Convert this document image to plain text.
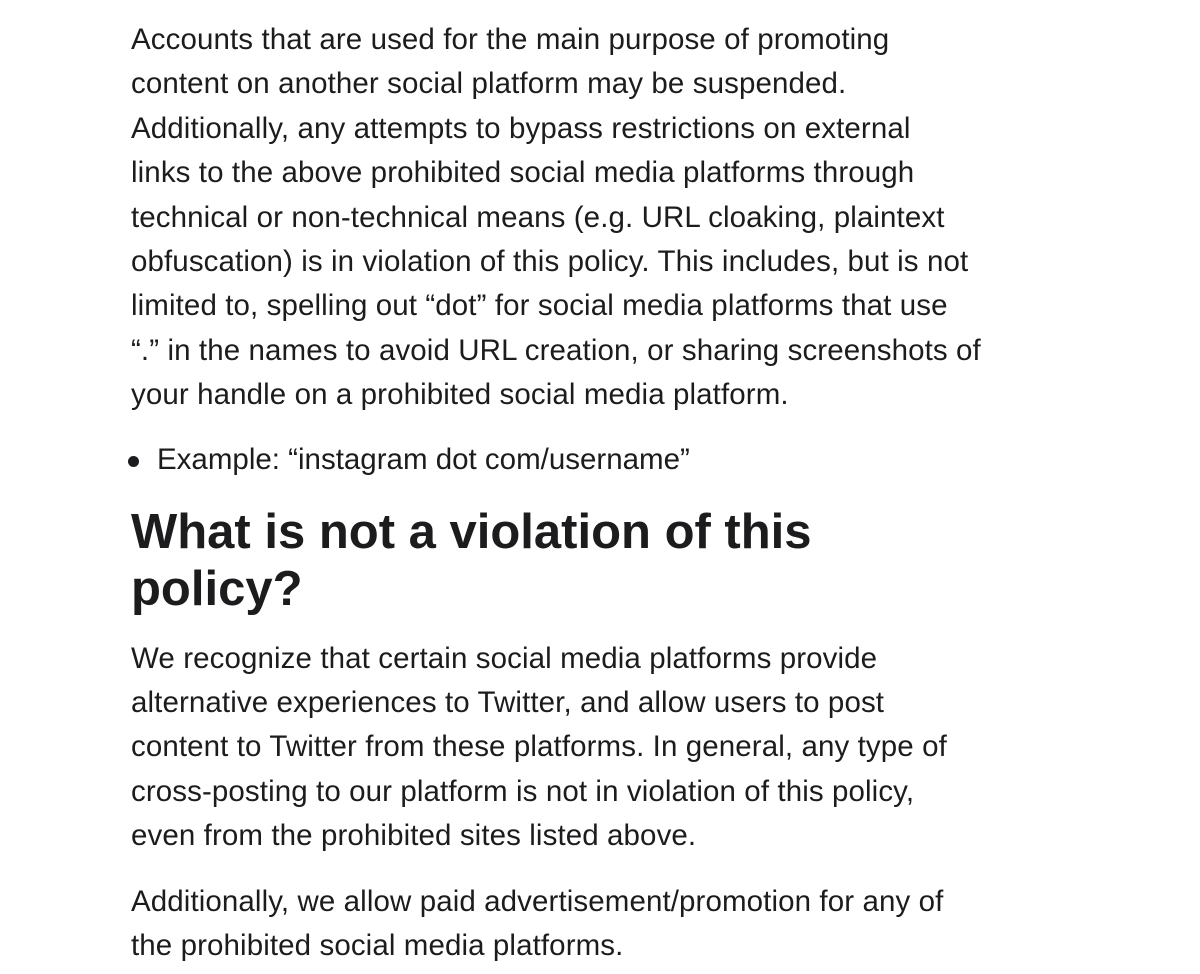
Accounts that are used for the main purpose of promoting
content on another social platform may be suspended.
Additionally, any attempts to bypass restrictions on external
links to the above prohibited social media platforms through
technical or non-technical means (e.g. URL cloaking, plaintext
obfuscation) is in violation of this policy. This includes, but is not
limited to, spelling out “dot” for social media platforms that use
“.” in the names to avoid URL creation, or sharing screenshots of
your handle on a prohibited social media platform.

Example: “instagram dot com/username”
What is not a violation of this
policy?

We recognize that certain social media platforms provide
alternative experiences to Twitter, and allow users to post
content to Twitter from these platforms. In general, any type of
cross-posting to our platform is not in violation of this policy,
even from the prohibited sites listed above.

Additionally, we allow paid advertisement/promotion for any of
the prohibited social media platforms.
